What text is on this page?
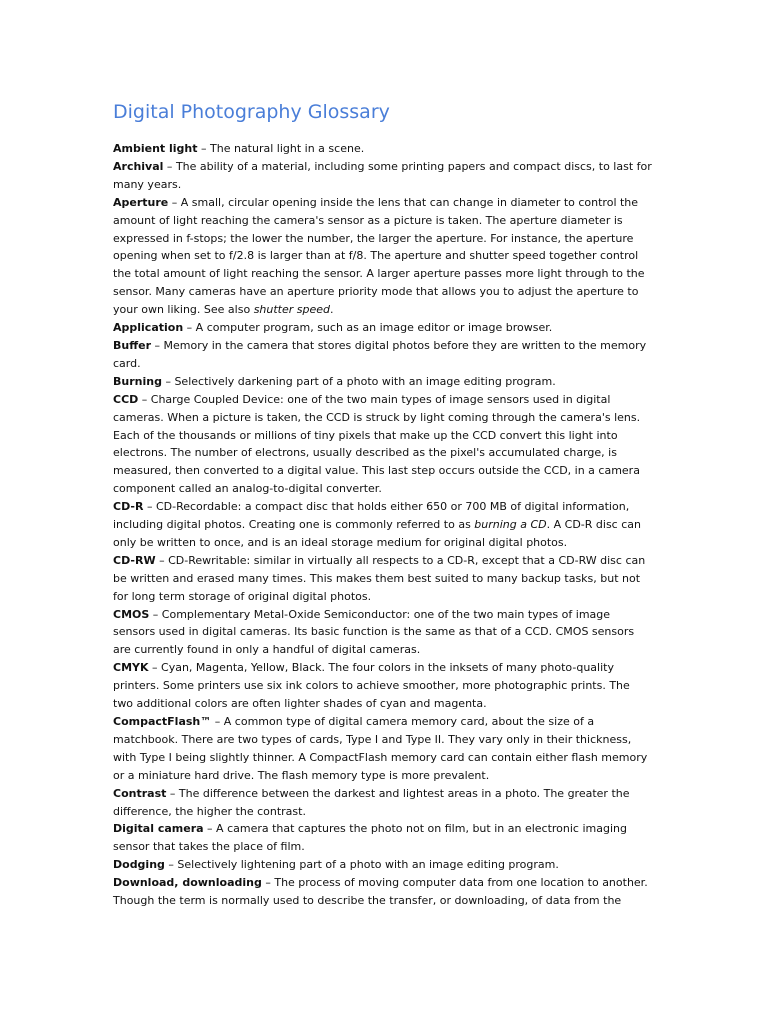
Digital Photography Glossary

Ambient light – The natural light in a scene.

Archival – The ability of a material, including some printing papers and compact discs, to last for many years.

Aperture – A small, circular opening inside the lens that can change in diameter to control the amount of light reaching the camera's sensor as a picture is taken. The aperture diameter is expressed in f-stops; the lower the number, the larger the aperture. For instance, the aperture opening when set to f/2.8 is larger than at f/8. The aperture and shutter speed together control the total amount of light reaching the sensor. A larger aperture passes more light through to the sensor. Many cameras have an aperture priority mode that allows you to adjust the aperture to your own liking. See also shutter speed.

Application – A computer program, such as an image editor or image browser.

Buffer – Memory in the camera that stores digital photos before they are written to the memory card.

Burning – Selectively darkening part of a photo with an image editing program.

CCD – Charge Coupled Device: one of the two main types of image sensors used in digital cameras. When a picture is taken, the CCD is struck by light coming through the camera's lens. Each of the thousands or millions of tiny pixels that make up the CCD convert this light into electrons. The number of electrons, usually described as the pixel's accumulated charge, is measured, then converted to a digital value. This last step occurs outside the CCD, in a camera component called an analog-to-digital converter.

CD-R – CD-Recordable: a compact disc that holds either 650 or 700 MB of digital information, including digital photos. Creating one is commonly referred to as burning a CD. A CD-R disc can only be written to once, and is an ideal storage medium for original digital photos.

CD-RW – CD-Rewritable: similar in virtually all respects to a CD-R, except that a CD-RW disc can be written and erased many times. This makes them best suited to many backup tasks, but not for long term storage of original digital photos.

CMOS – Complementary Metal-Oxide Semiconductor: one of the two main types of image sensors used in digital cameras. Its basic function is the same as that of a CCD. CMOS sensors are currently found in only a handful of digital cameras.

CMYK – Cyan, Magenta, Yellow, Black. The four colors in the inksets of many photo-quality printers. Some printers use six ink colors to achieve smoother, more photographic prints. The two additional colors are often lighter shades of cyan and magenta.

CompactFlash™ – A common type of digital camera memory card, about the size of a matchbook. There are two types of cards, Type I and Type II. They vary only in their thickness, with Type I being slightly thinner. A CompactFlash memory card can contain either flash memory or a miniature hard drive. The flash memory type is more prevalent.

Contrast – The difference between the darkest and lightest areas in a photo. The greater the difference, the higher the contrast.

Digital camera – A camera that captures the photo not on film, but in an electronic imaging sensor that takes the place of film.

Dodging – Selectively lightening part of a photo with an image editing program.

Download, downloading – The process of moving computer data from one location to another. Though the term is normally used to describe the transfer, or downloading, of data from the
